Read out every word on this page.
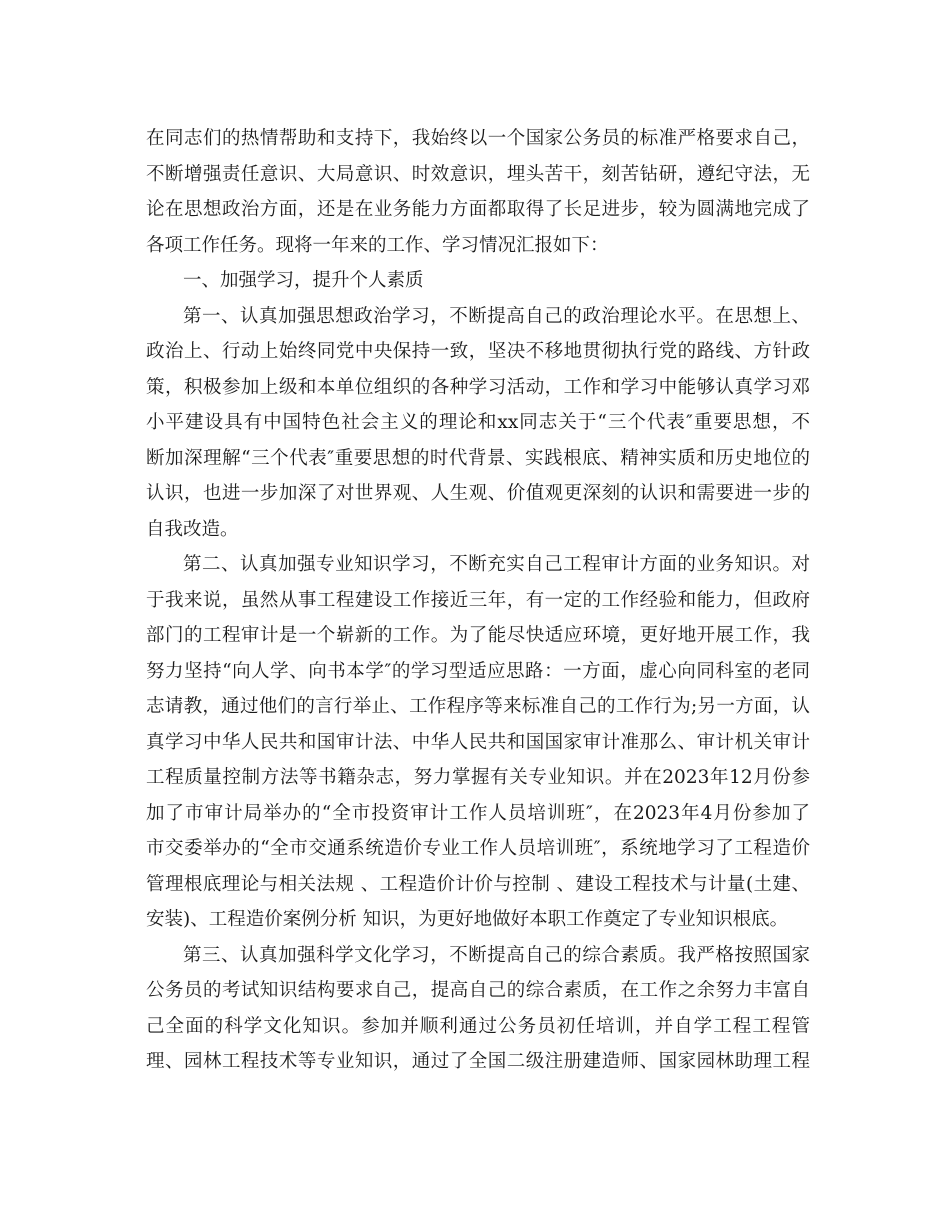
在同志们的热情帮助和支持下，我始终以一个国家公务员的标准严格要求自己，
不断增强责任意识、大局意识、时效意识，埋头苦干，刻苦钻研，遵纪守法，无
论在思想政治方面，还是在业务能力方面都取得了长足进步，较为圆满地完成了
各项工作任务。现将一年来的工作、学习情况汇报如下：
一、加强学习，提升个人素质
第一、认真加强思想政治学习，不断提高自己的政治理论水平。在思想上、
政治上、行动上始终同党中央保持一致，坚决不移地贯彻执行党的路线、方针政
策，积极参加上级和本单位组织的各种学习活动，工作和学习中能够认真学习邓
小平建设具有中国特色社会主义的理论和xx同志关于“三个代表″重要思想，不
断加深理解“三个代表″重要思想的时代背景、实践根底、精神实质和历史地位的
认识，也进一步加深了对世界观、人生观、价值观更深刻的认识和需要进一步的
自我改造。
第二、认真加强专业知识学习，不断充实自己工程审计方面的业务知识。对
于我来说，虽然从事工程建设工作接近三年，有一定的工作经验和能力，但政府
部门的工程审计是一个崭新的工作。为了能尽快适应环境，更好地开展工作，我
努力坚持“向人学、向书本学″的学习型适应思路：一方面，虚心向同科室的老同
志请教，通过他们的言行举止、工作程序等来标准自己的工作行为;另一方面，认
真学习中华人民共和国审计法、中华人民共和国国家审计准那么、审计机关审计
工程质量控制方法等书籍杂志，努力掌握有关专业知识。并在2023年12月份参
加了市审计局举办的“全市投资审计工作人员培训班″，在2023年4月份参加了
市交委举办的“全市交通系统造价专业工作人员培训班″，系统地学习了工程造价
管理根底理论与相关法规 、工程造价计价与控制 、建设工程技术与计量(土建、
安装)、工程造价案例分析 知识，为更好地做好本职工作奠定了专业知识根底。
第三、认真加强科学文化学习，不断提高自己的综合素质。我严格按照国家
公务员的考试知识结构要求自己，提高自己的综合素质，在工作之余努力丰富自
己全面的科学文化知识。参加并顺利通过公务员初任培训，并自学工程工程管
理、园林工程技术等专业知识，通过了全国二级注册建造师、国家园林助理工程
